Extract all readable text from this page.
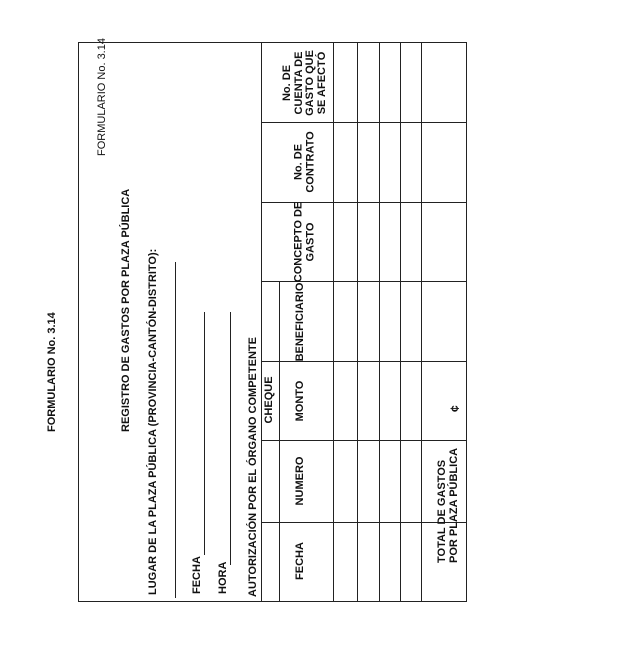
FORMULARIO No. 3.14
FORMULARIO No. 3.14
REGISTRO DE GASTOS POR PLAZA PÚBLICA LUGAR DE LA PLAZA PÚBLICA (PROVINCIA-CANTÓN-DISTRITO):	FECHA HORA AUTORIZACIÓN POR EL ÓRGANO COMPETENTE CHEQUE
FECHA
NUMERO
MONTO
BENEFICIARIO
CONCEPTO DE
GASTO
No. DE
CONTRATO
No. DE
CUENTA DE
GASTO QUE
SE AFECTÓ
TOTAL DE GASTOS
POR PLAZA PÚBLICA
¢
